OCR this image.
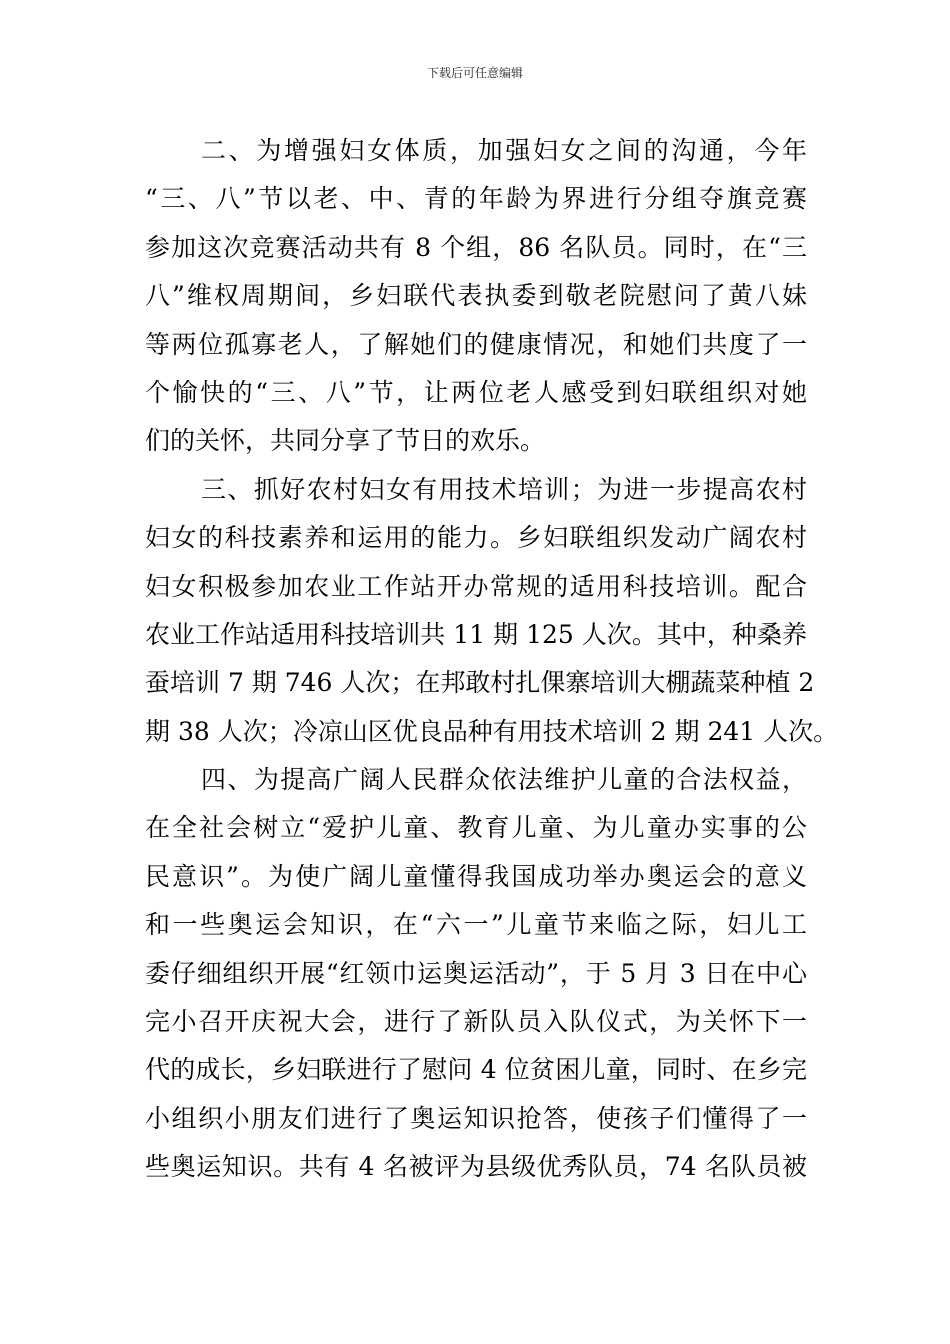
下载后可任意编辑
二、为增强妇女体质，加强妇女之间的沟通，今年
“三、八”节以老、中、青的年龄为界进行分组夺旗竞赛
参加这次竞赛活动共有 8 个组，86 名队员。同时，在“三
八”维权周期间，乡妇联代表执委到敬老院慰问了黄八妹
等两位孤寡老人，了解她们的健康情况，和她们共度了一
个愉快的“三、八”节，让两位老人感受到妇联组织对她
们的关怀，共同分享了节日的欢乐。
三、抓好农村妇女有用技术培训；为进一步提高农村
妇女的科技素养和运用的能力。乡妇联组织发动广阔农村
妇女积极参加农业工作站开办常规的适用科技培训。配合
农业工作站适用科技培训共 11 期 125 人次。其中，种桑养
蚕培训 7 期 746 人次；在邦敢村扎倮寨培训大棚蔬菜种植 2
期 38 人次；冷凉山区优良品种有用技术培训 2 期 241 人次。
四、为提高广阔人民群众依法维护儿童的合法权益，
在全社会树立“爱护儿童、教育儿童、为儿童办实事的公
民意识”。为使广阔儿童懂得我国成功举办奥运会的意义
和一些奥运会知识，在“六一”儿童节来临之际，妇儿工
委仔细组织开展“红领巾运奥运活动”，于 5 月 3 日在中心
完小召开庆祝大会，进行了新队员入队仪式，为关怀下一
代的成长，乡妇联进行了慰问 4 位贫困儿童，同时、在乡完
小组织小朋友们进行了奥运知识抢答，使孩子们懂得了一
些奥运知识。共有 4 名被评为县级优秀队员，74 名队员被
